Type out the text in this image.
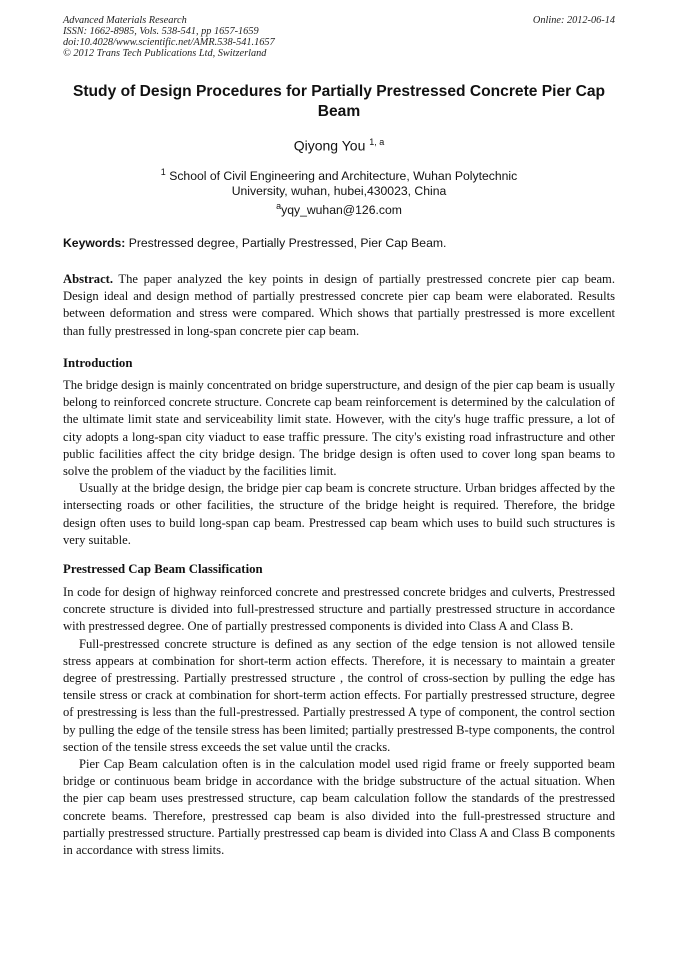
Advanced Materials Research
ISSN: 1662-8985, Vols. 538-541, pp 1657-1659
doi:10.4028/www.scientific.net/AMR.538-541.1657
© 2012 Trans Tech Publications Ltd, Switzerland
Online: 2012-06-14
Study of Design Procedures for Partially Prestressed Concrete Pier Cap Beam
Qiyong You $^{1, a}$
$^1$ School of Civil Engineering and Architecture, Wuhan Polytechnic University, wuhan, hubei,430023, China
$^a$yqy_wuhan@126.com
Keywords: Prestressed degree, Partially Prestressed, Pier Cap Beam.

Abstract. The paper analyzed the key points in design of partially prestressed concrete pier cap beam. Design ideal and design method of partially prestressed concrete pier cap beam were elaborated. Results between deformation and stress were compared. Which shows that partially prestressed is more excellent than fully prestressed in long-span concrete pier cap beam.

Introduction

The bridge design is mainly concentrated on bridge superstructure, and design of the pier cap beam is usually belong to reinforced concrete structure. Concrete cap beam reinforcement is determined by the calculation of the ultimate limit state and serviceability limit state. However, with the city's huge traffic pressure, a lot of city adopts a long-span city viaduct to ease traffic pressure. The city's existing road infrastructure and other public facilities affect the city bridge design. The bridge design is often used to cover long span beams to solve the problem of the viaduct by the facilities limit.

Usually at the bridge design, the bridge pier cap beam is concrete structure. Urban bridges affected by the intersecting roads or other facilities, the structure of the bridge height is required. Therefore, the bridge design often uses to build long-span cap beam. Prestressed cap beam which uses to build such structures is very suitable.

Prestressed Cap Beam Classification

In code for design of highway reinforced concrete and prestressed concrete bridges and culverts, Prestressed concrete structure is divided into full-prestressed structure and partially prestressed structure in accordance with prestressed degree. One of partially prestressed components is divided into Class A and Class B.

Full-prestressed concrete structure is defined as any section of the edge tension is not allowed tensile stress appears at combination for short-term action effects. Therefore, it is necessary to maintain a greater degree of prestressing. Partially prestressed structure , the control of cross-section by pulling the edge has tensile stress or crack at combination for short-term action effects. For partially prestressed structure, degree of prestressing is less than the full-prestressed. Partially prestressed A type of component, the control section by pulling the edge of the tensile stress has been limited; partially prestressed B-type components, the control section of the tensile stress exceeds the set value until the cracks.

Pier Cap Beam calculation often is in the calculation model used rigid frame or freely supported beam bridge or continuous beam bridge in accordance with the bridge substructure of the actual situation. When the pier cap beam uses prestressed structure, cap beam calculation follow the standards of the prestressed concrete beams. Therefore, prestressed cap beam is also divided into the full-prestressed structure and partially prestressed structure. Partially prestressed cap beam is divided into Class A and Class B components in accordance with stress limits.
